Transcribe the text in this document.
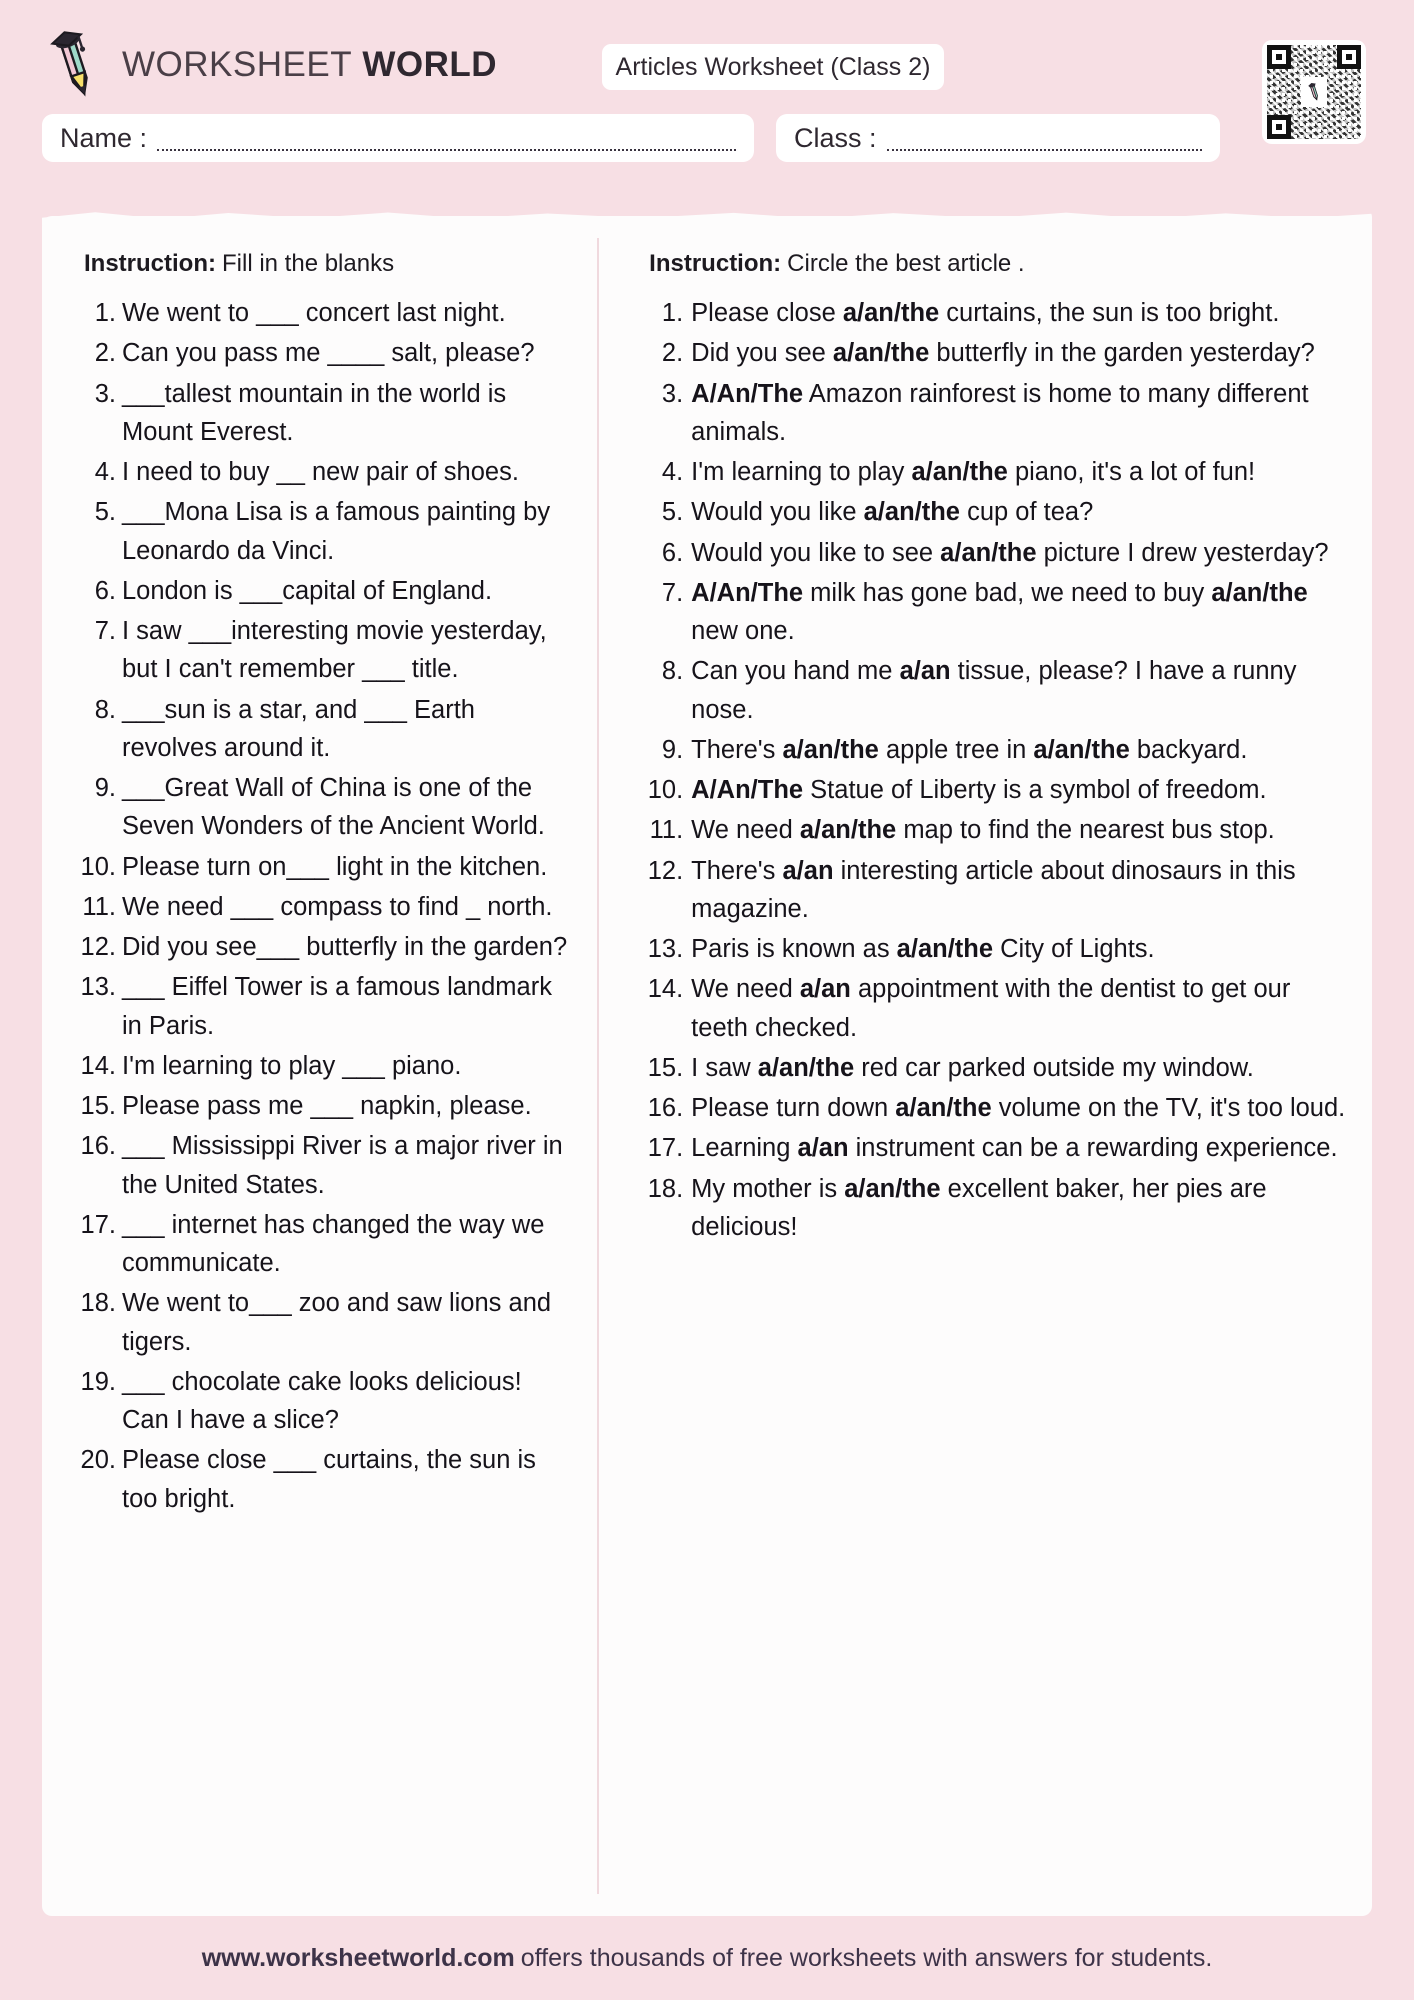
WORKSHEET WORLD	Articles Worksheet (Class 2)
Name :	Class :
Instruction: Fill in the blanks
We went to ___ concert last night.
Can you pass me ____ salt, please?
___tallest mountain in the world is Mount Everest.
I need to buy __ new pair of shoes.
___Mona Lisa is a famous painting by Leonardo da Vinci.
London is ___capital of England.
I saw ___interesting movie yesterday, but I can't remember ___ title.
___sun is a star, and ___ Earth revolves around it.
___Great Wall of China is one of the Seven Wonders of the Ancient World.
Please turn on___ light in the kitchen.
We need ___ compass to find _ north.
Did you see___ butterfly in the garden?
___ Eiffel Tower is a famous landmark in Paris.
I'm learning to play ___ piano.
Please pass me ___ napkin, please.
___ Mississippi River is a major river in the United States.
___ internet has changed the way we communicate.
We went to___ zoo and saw lions and tigers.
___ chocolate cake looks delicious! Can I have a slice?
Please close ___ curtains, the sun is too bright.
Instruction: Circle the best article .
Please close a/an/the curtains, the sun is too bright.
Did you see a/an/the butterfly in the garden yesterday?
A/An/The Amazon rainforest is home to many different animals.
I'm learning to play a/an/the piano, it's a lot of fun!
Would you like a/an/the cup of tea?
Would you like to see a/an/the picture I drew yesterday?
A/An/The milk has gone bad, we need to buy a/an/the new one.
Can you hand me a/an tissue, please? I have a runny nose.
There's a/an/the apple tree in a/an/the backyard.
A/An/The Statue of Liberty is a symbol of freedom.
We need a/an/the map to find the nearest bus stop.
There's a/an interesting article about dinosaurs in this magazine.
Paris is known as a/an/the City of Lights.
We need a/an appointment with the dentist to get our teeth checked.
I saw a/an/the red car parked outside my window.
Please turn down a/an/the volume on the TV, it's too loud.
Learning a/an instrument can be a rewarding experience.
My mother is a/an/the excellent baker, her pies are delicious!
www.worksheetworld.com offers thousands of free worksheets with answers for students.
